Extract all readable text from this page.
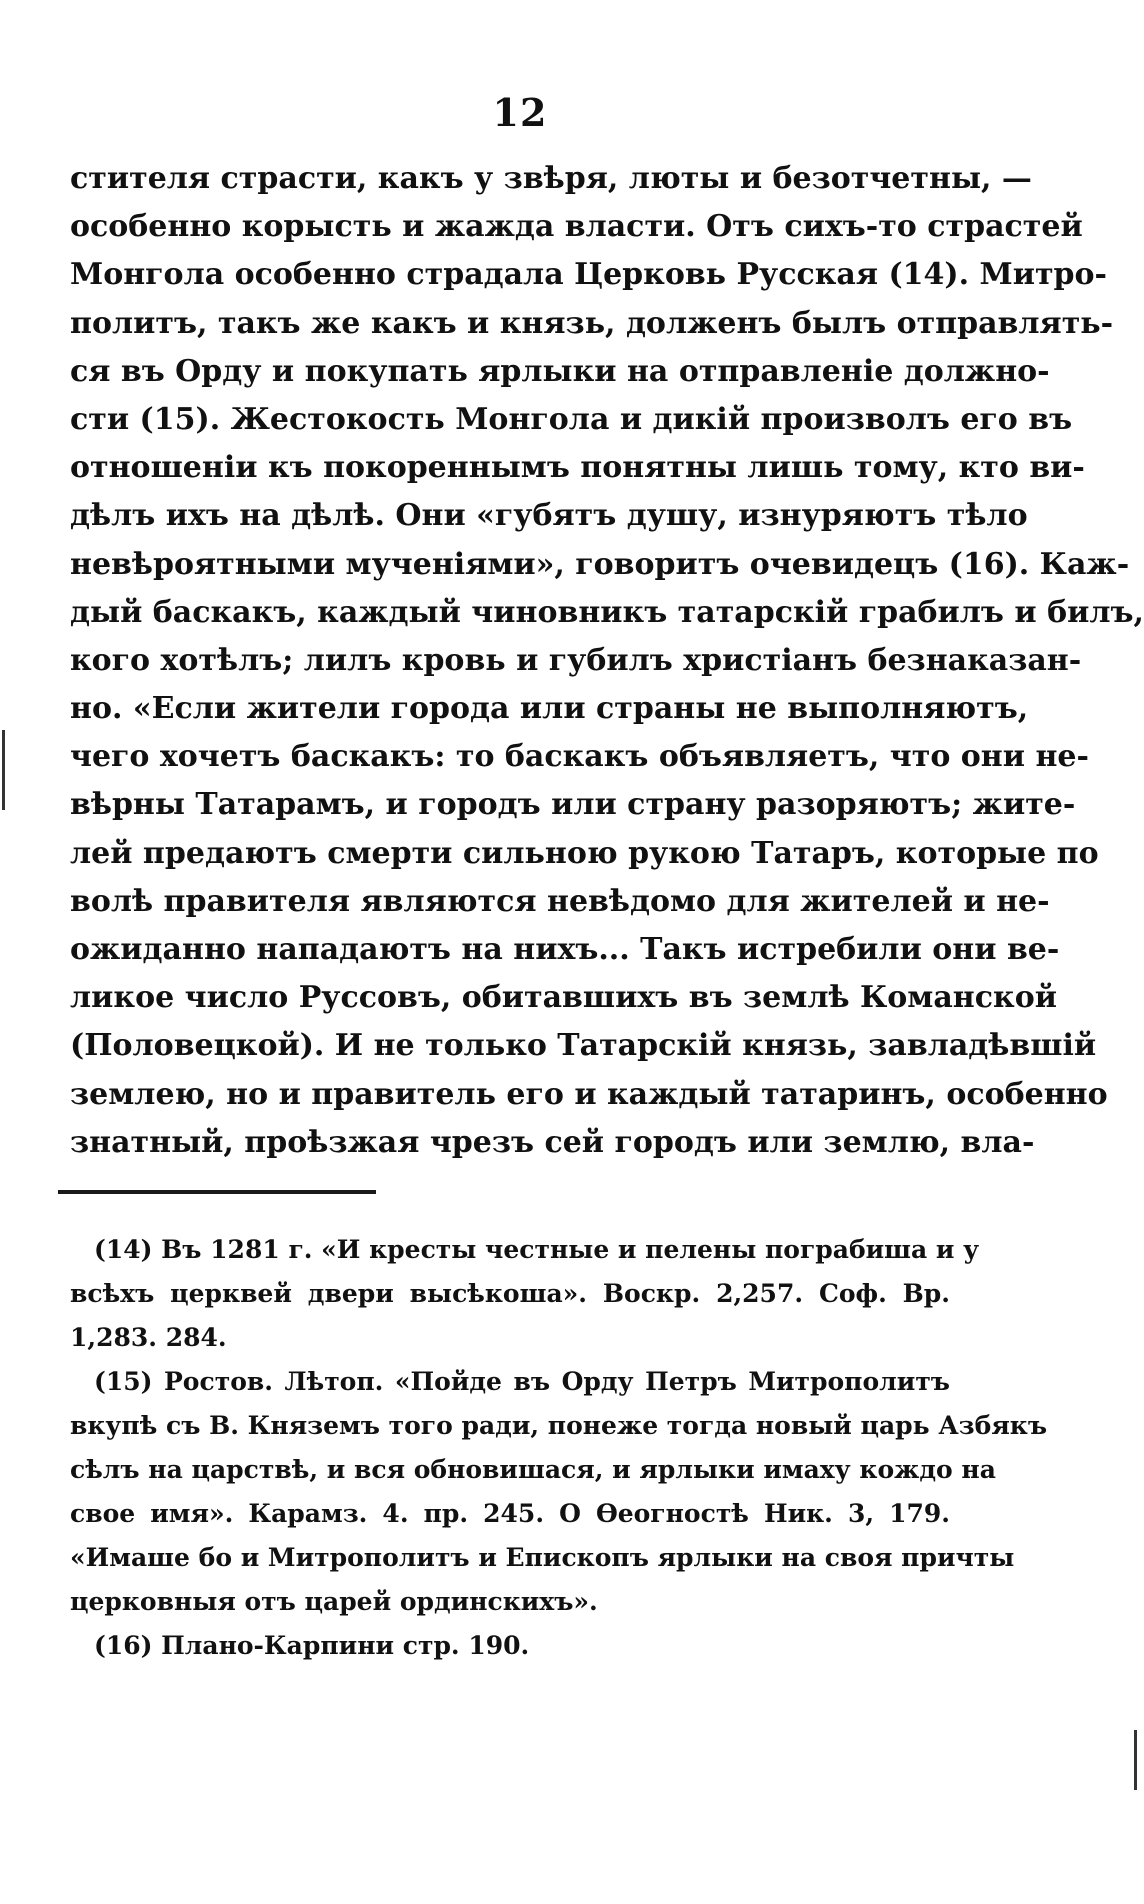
12
стителя страсти, какъ у звѣря, люты и безотчетны, —
особенно корысть и жажда власти. Отъ сихъ-то страстей
Монгола особенно страдала Церковь Русская (14). Митро-
политъ, такъ же какъ и князь, долженъ былъ отправлять-
ся въ Орду и покупать ярлыки на отправленіе должно-
сти (15). Жестокость Монгола и дикій произволъ его въ
отношеніи къ покореннымъ понятны лишь тому, кто ви-
дѣлъ ихъ на дѣлѣ. Они «губятъ душу, изнуряютъ тѣло
невѣроятными мученіями», говоритъ очевидецъ (16). Каж-
дый баскакъ, каждый чиновникъ татарскій грабилъ и билъ,
кого хотѣлъ; лилъ кровь и губилъ христіанъ безнаказан-
но. «Если жители города или страны не выполняютъ,
чего хочетъ баскакъ: то баскакъ объявляетъ, что они не-
вѣрны Татарамъ, и городъ или страну разоряютъ; жите-
лей предаютъ смерти сильною рукою Татаръ, которые по
волѣ правителя являются невѣдомо для жителей и не-
ожиданно нападаютъ на нихъ... Такъ истребили они ве-
ликое число Руссовъ, обитавшихъ въ землѣ Команской
(Половецкой). И не только Татарскій князь, завладѣвшій
землею, но и правитель его и каждый татаринъ, особенно
знатный, проѣзжая чрезъ сей городъ или землю, вла-
(14) Въ 1281 г. «И кресты честные и пелены пограбиша и у
всѣхъ церквей двери высѣкоша». Воскр. 2,257. Соф. Вр.
1,283. 284.
(15) Ростов. Лѣтоп. «Пойде въ Орду Петръ Митрополитъ
вкупѣ съ В. Княземъ того ради, понеже тогда новый царь Азбякъ
сѣлъ на царствѣ, и вся обновишася, и ярлыки имаху кождо на
свое имя». Карамз. 4. пр. 245. О Ѳеогностѣ Ник. 3, 179.
«Имаше бо и Митрополитъ и Епископъ ярлыки на своя причты
церковныя отъ царей ординскихъ».
(16) Плано-Карпини стр. 190.
